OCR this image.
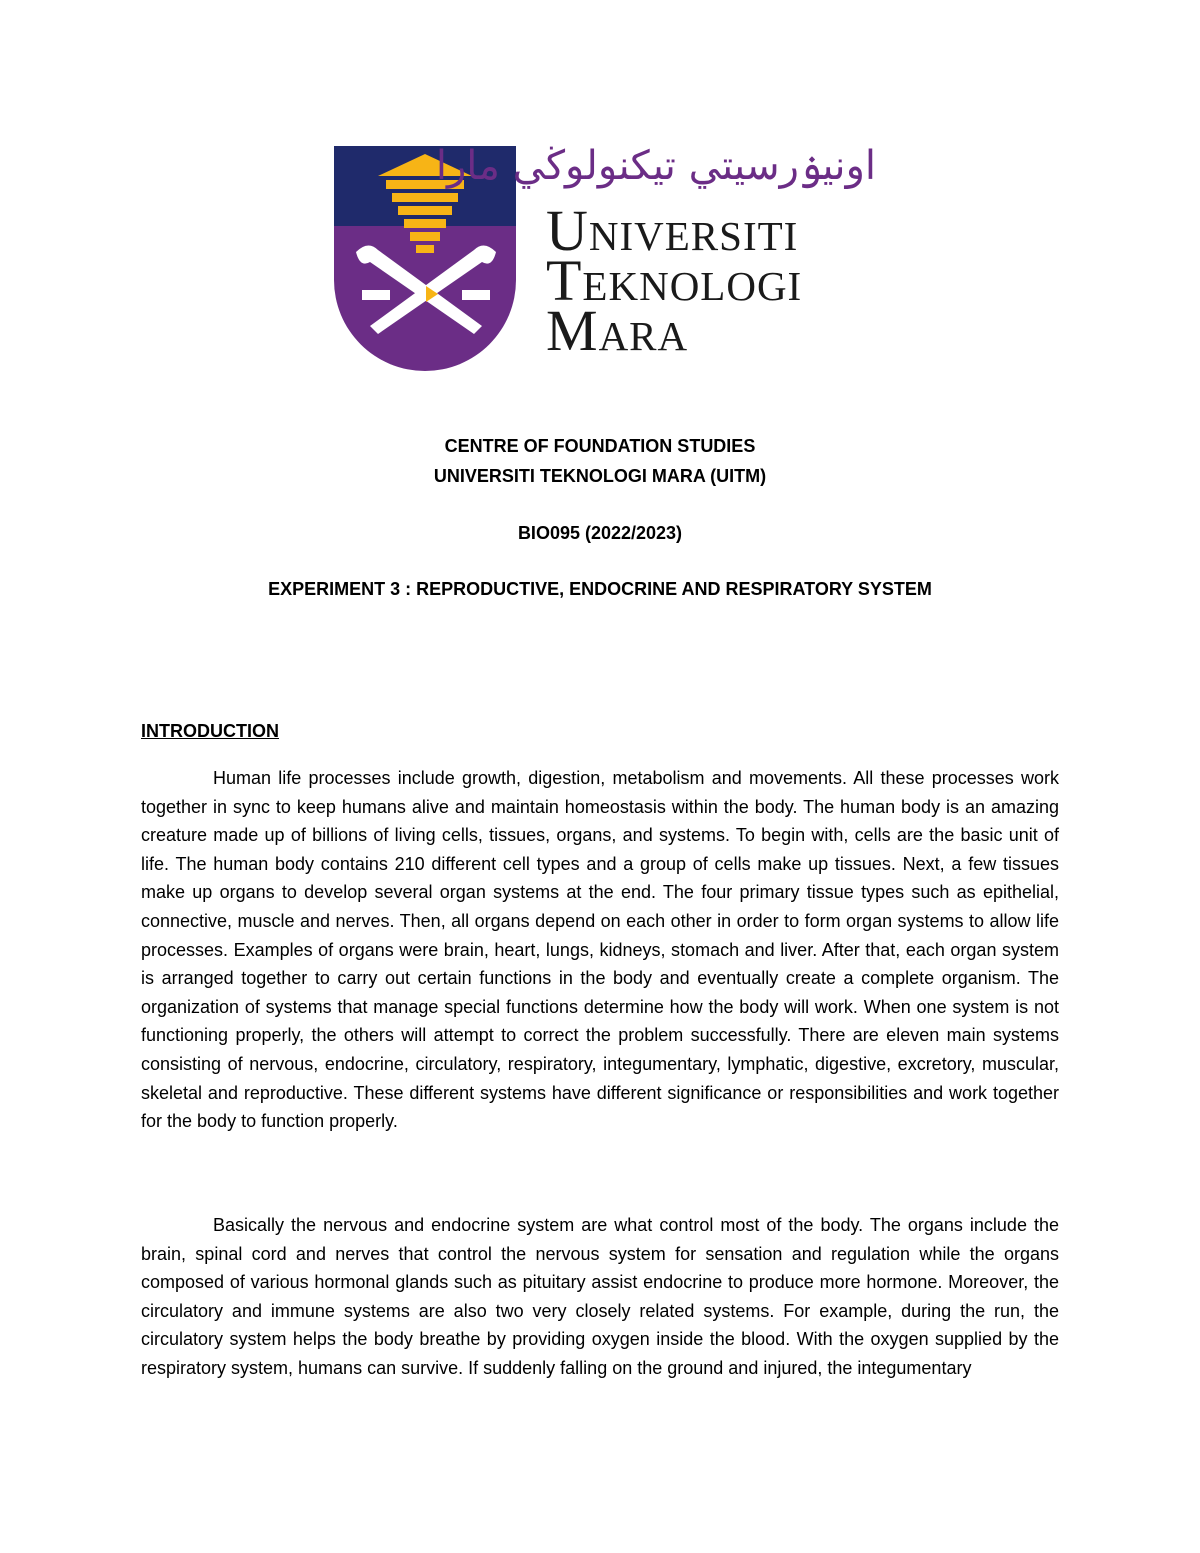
اونيۏرسيتي تيكنولوڬي مارا
Universiti
Teknologi
Mara
CENTRE OF FOUNDATION STUDIES
UNIVERSITI TEKNOLOGI MARA (UITM)
BIO095 (2022/2023)
EXPERIMENT 3 : REPRODUCTIVE, ENDOCRINE AND RESPIRATORY SYSTEM
INTRODUCTION

Human life processes include growth, digestion, metabolism and movements. All these processes work together in sync to keep humans alive and maintain homeostasis within the body. The human body is an amazing creature made up of billions of living cells, tissues, organs, and systems. To begin with, cells are the basic unit of life. The human body contains 210 different cell types and a group of cells make up tissues. Next, a few tissues make up organs to develop several organ systems at the end. The four primary tissue types such as epithelial, connective, muscle and nerves. Then, all organs depend on each other in order to form organ systems to allow life processes. Examples of organs were brain, heart, lungs, kidneys, stomach and liver. After that, each organ system is arranged together to carry out certain functions in the body and eventually create a complete organism. The organization of systems that manage special functions determine how the body will work. When one system is not functioning properly, the others will attempt to correct the problem successfully. There are eleven main systems consisting of nervous, endocrine, circulatory, respiratory, integumentary, lymphatic, digestive, excretory, muscular, skeletal and reproductive. These different systems have different significance or responsibilities and work together for the body to function properly.

Basically the nervous and endocrine system are what control most of the body. The organs include the brain, spinal cord and nerves that control the nervous system for sensation and regulation while the organs composed of various hormonal glands such as pituitary assist endocrine to produce more hormone. Moreover, the circulatory and immune systems are also two very closely related systems. For example, during the run, the circulatory system helps the body breathe by providing oxygen inside the blood. With the oxygen supplied by the respiratory system, humans can survive. If suddenly falling on the ground and injured, the integumentary
